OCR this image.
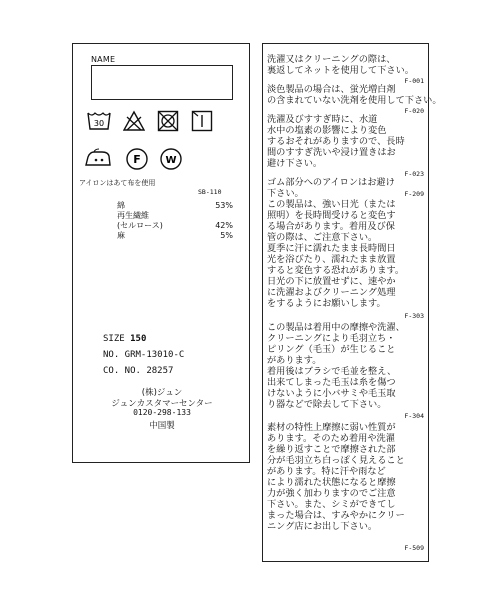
NAME
30
F W
アイロンはあて布を使用
SB-110
綿	53%
再生繊維
(セルロース)	42%
麻	5%
SIZE 150
NO. GRM-13010-C
CO. NO. 28257
(株)ジュン
ジュンカスタマーセンター
0120-298-133
中国製
洗濯又はクリーニングの際は、
裏返してネットを使用して下さい。
F-001
淡色製品の場合は、蛍光増白剤
の含まれていない洗剤を使用して下さい。
F-020
洗濯及びすすぎ時に、水道
水中の塩素の影響により変色
するおそれがありますので、長時
間のすすぎ洗いや浸け置きはお
避け下さい。
F-023
ゴム部分へのアイロンはお避け
下さい。	F-209
この製品は、強い日光（または
照明）を長時間受けると変色す
る場合があります。着用及び保
管の際は、ご注意下さい。
夏季に汗に濡れたまま長時間日
光を浴びたり、濡れたまま放置
すると変色する恐れがあります。
日光の下に放置せずに、速やか
に洗濯およびクリーニング処理
をするようにお願いします。
F-303
この製品は着用中の摩擦や洗濯、
クリーニングにより毛羽立ち・
ピリング（毛玉）が生じること
があります。
着用後はブラシで毛並を整え、
出来てしまった毛玉は糸を傷つ
けないように小バサミや毛玉取
り器などで除去して下さい。
F-304
素材の特性上摩擦に弱い性質が
あります。そのため着用や洗濯
を繰り返すことで摩擦された部
分が毛羽立ち白っぽく見えること
があります。特に汗や雨など
により濡れた状態になると摩擦
力が強く加わりますのでご注意
下さい。また、シミができてし
まった場合は、すみやかにクリー
ニング店にお出し下さい。
F-509
